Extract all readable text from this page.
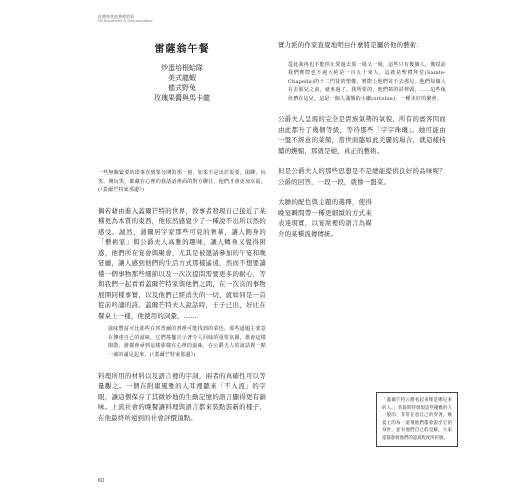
佐德和其他書裡的事
De Biscuiterie & Gourmanderie
雷薩翁午餐

炒蛋培根蛤隊

美式龍蝦

德式野兔

玫瑰果醬與馬卡龍

一些無關緊要的瑣事直到要分開的那一刻，如果不是出於需要，閑聊、玩笑、開玩笑，都藏在心裡的我話語裡面的對方聊往，他們才會更加幸福。(《蓋爾芒特家那邊》)

偶若藉由進入蓋爾芒特的世界，敘事者發現自己接近了某種更為本質的東西，他依然感覺少了一種說不出所以然的感受。誠然，蒲爾居宇家那些可見的奢華，讓人側身的「藝術家」與公爵夫人高雅的趣味，讓人轉身又覺得困惑，他們所在宴會與聚會，尤其是被邀請參加的午宴和晚宴廳，讓人感到他們的生活方式那樣遙遠，然而不想要讀懂一個事物那些細節以及一次次提問需要更多的耐心，等與我們一起看看蓋爾芒特家與他們之間，在一次次的事物展開同樣事實，以及他們已經消失的一切，就如同是一首從前吟誦的詩。蓋爾芒特夫人說話時，王子已出，好比在餐桌上一樣，他使用的詞彙，……

滋味豐富可比那些在邦普爾的書裡可能找到的菜色、那些道題主要意在傳達自己的滋味，它們搖擺宣示著令人回味的重要氛圍，誰會這樣閑散，誰都會尋到這樣那樣在心裡的滋味，在公爵夫人的說話裡一點一滴的滿足起來。(《蓋爾芒特家那邊》)

料理所用的材料以及語言裡的字詞，兩者的真確性可以等量觀之。一個在附庸風雅的人耳裡聽來「不入流」的字眼，讓這個保存了其微妙地的生動記憶的語言顯得更有韻味。上流社會的晚餐讓料理與語言都來裝點裝新的樣子，在他最終所遠到的社會評價頂點。

實力派的作家直覺地明白什麼將是屬於他的藝術：

從此我再也不能停止愛過去那一場又一場，這些只有幾個人，像哎前我們實際也不過大約是一百五十來人，這就是聖禮拜堂(Sainte-Chapelle)的十二門徒的塑像，實際上他們並不去那兒，他們每個人在去那兒之前，就來過了。我所要的，他們寫的詩裡頭，……這些傢伙擠在這兒，這是一個人滿額的小廳(ortolan)，一種美好的聚會。

公爵夫人呈現的完全是貴族氣勢的氣貌，所有的賓客因而由此都升了幾個等級，等待那些「字字珠璣」。她可能由一盤不經意的菜餚，當世面臨如此美麗的場合，就這樣持續的嫵媚，那就是她，真正的藝術。

但是公爵夫人的那些思想是不是總能提供良好的品味呢？公爵的回答，一段一段，就像一盤菜。

大膽的配色與主題的選擇，使得晚宴瞬間帶一種更細緻的方式來表達現實，以宴席裡的語言為媒介的某種流傳傳統。

「蓋爾芒特公爵看起來像是哪兒來的人。」普魯斯特發現這些優雅的人一般的、非常在意自己的穿著，晚宴上的每一道菜他們都會說出它的身世，並有他們自己的見解，大家還都會被他們的認真程度所折服。
60
